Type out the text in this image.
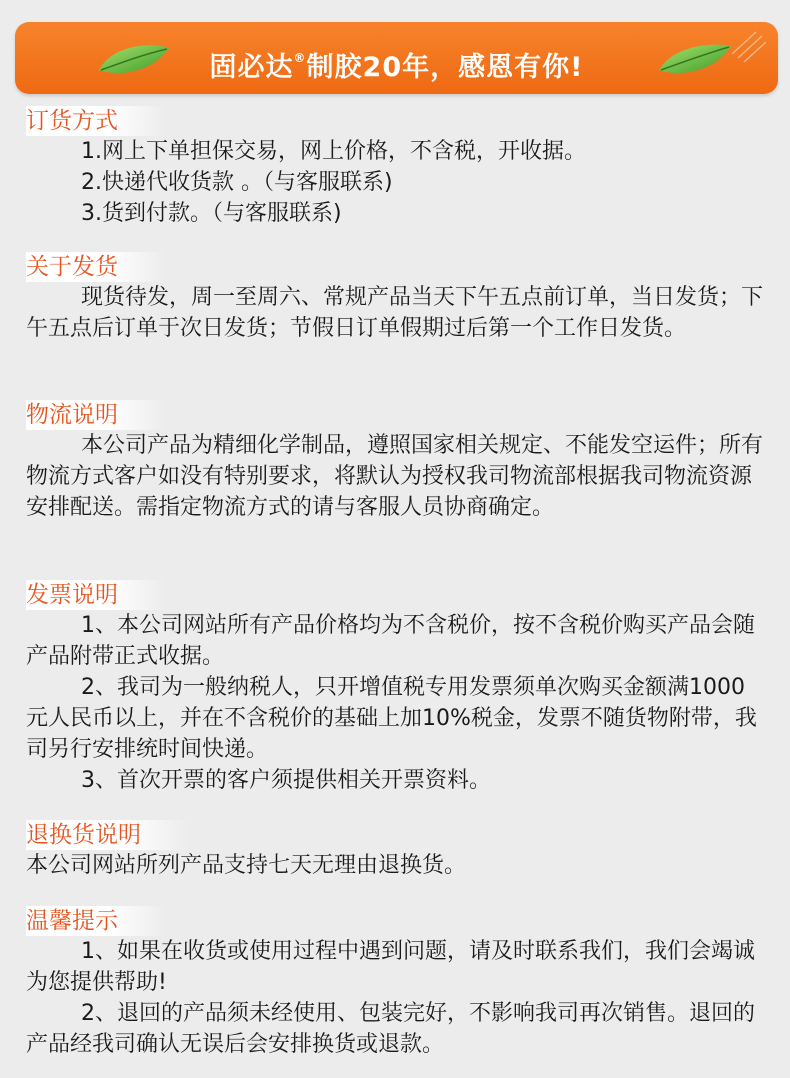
固必达®制胶20年，感恩有你!
订货方式

1.网上下单担保交易，网上价格，不含税，开收据。

2.快递代收货款 。（与客服联系)

3.货到付款。（与客服联系)

关于发货

现货待发，周一至周六、常规产品当天下午五点前订单，当日发货；下午五点后订单于次日发货；节假日订单假期过后第一个工作日发货。

物流说明

本公司产品为精细化学制品，遵照国家相关规定、不能发空运件；所有物流方式客户如没有特别要求，将默认为授权我司物流部根据我司物流资源安排配送。需指定物流方式的请与客服人员协商确定。

发票说明

1、本公司网站所有产品价格均为不含税价，按不含税价购买产品会随产品附带正式收据。

2、我司为一般纳税人，只开增值税专用发票须单次购买金额满1000元人民币以上，并在不含税价的基础上加10%税金，发票不随货物附带，我司另行安排统时间快递。

3、首次开票的客户须提供相关开票资料。

退换货说明

本公司网站所列产品支持七天无理由退换货。

温馨提示

1、如果在收货或使用过程中遇到问题，请及时联系我们，我们会竭诚为您提供帮助!

2、退回的产品须未经使用、包装完好，不影响我司再次销售。退回的产品经我司确认无误后会安排换货或退款。
